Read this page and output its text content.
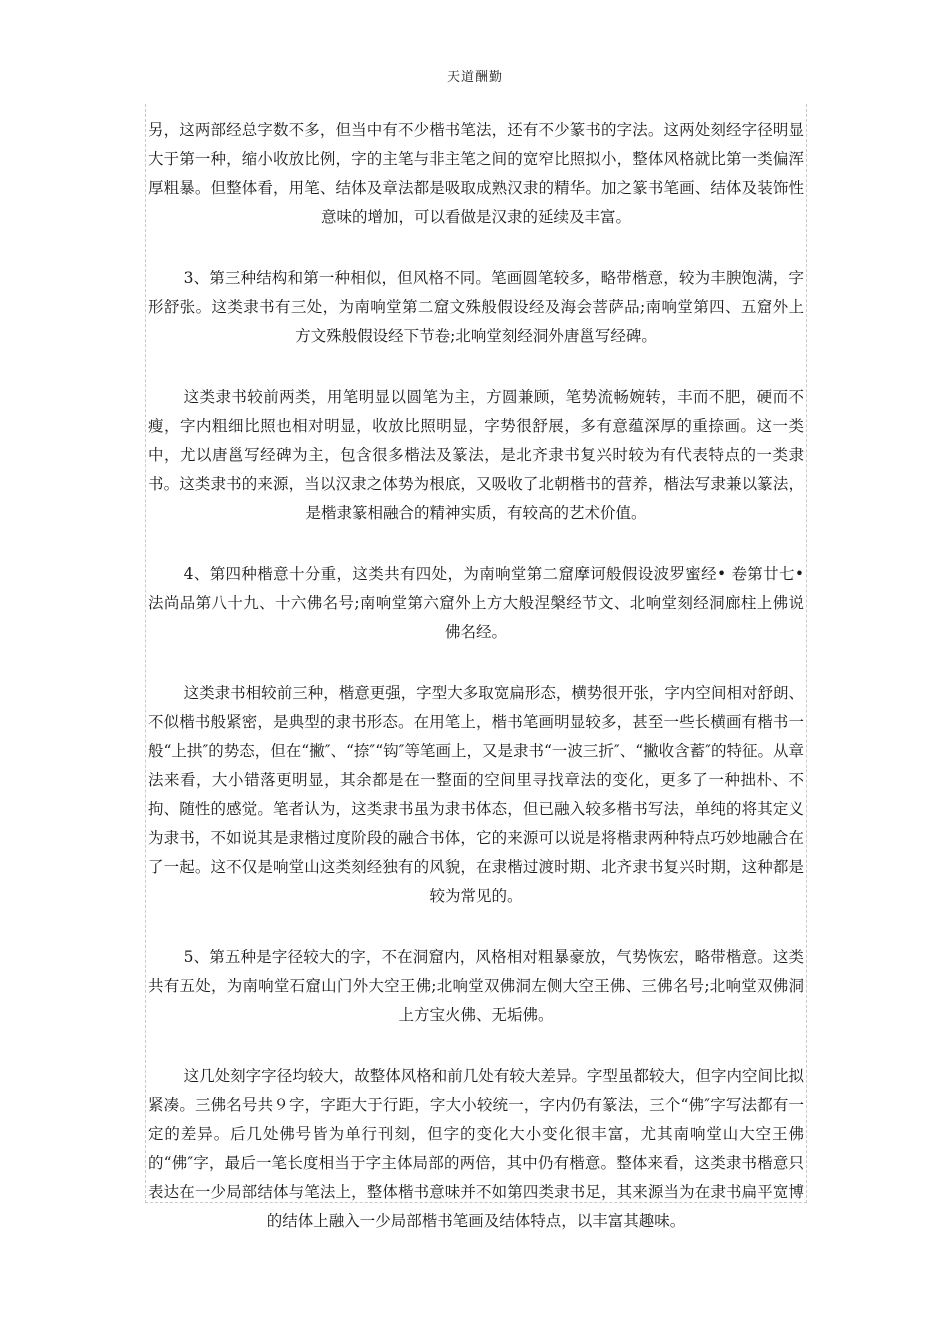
天道酬勤

另，这两部经总字数不多，但当中有不少楷书笔法，还有不少篆书的字法。这两处刻经字径明显大于第一种，缩小收放比例，字的主笔与非主笔之间的宽窄比照拟小，整体风格就比第一类偏浑厚粗暴。但整体看，用笔、结体及章法都是吸取成熟汉隶的精华。加之篆书笔画、结体及装饰性意味的增加，可以看做是汉隶的延续及丰富。

3、第三种结构和第一种相似，但风格不同。笔画圆笔较多，略带楷意，较为丰腴饱满，字形舒张。这类隶书有三处，为南响堂第二窟文殊般假设经及海会菩萨品;南响堂第四、五窟外上方文殊般假设经下节卷;北响堂刻经洞外唐邕写经碑。

这类隶书较前两类，用笔明显以圆笔为主，方圆兼顾，笔势流畅婉转，丰而不肥，硬而不瘦，字内粗细比照也相对明显，收放比照明显，字势很舒展，多有意蕴深厚的重捺画。这一类中，尤以唐邕写经碑为主，包含很多楷法及篆法，是北齐隶书复兴时较为有代表特点的一类隶书。这类隶书的来源，当以汉隶之体势为根底，又吸收了北朝楷书的营养，楷法写隶兼以篆法，是楷隶篆相融合的精神实质，有较高的艺术价值。

4、第四种楷意十分重，这类共有四处，为南响堂第二窟摩诃般假设波罗蜜经• 卷第廿七• 法尚品第八十九、十六佛名号;南响堂第六窟外上方大般涅槃经节文、北响堂刻经洞廊柱上佛说佛名经。

这类隶书相较前三种，楷意更强，字型大多取宽扁形态，横势很开张，字内空间相对舒朗、不似楷书般紧密，是典型的隶书形态。在用笔上，楷书笔画明显较多，甚至一些长横画有楷书一般“上拱″的势态，但在“撇″、“捺″“钩″等笔画上，又是隶书“一波三折″、“撇收含蓄″的特征。从章法来看，大小错落更明显，其余都是在一整面的空间里寻找章法的变化，更多了一种拙朴、不拘、随性的感觉。笔者认为，这类隶书虽为隶书体态，但已融入较多楷书写法，单纯的将其定义为隶书，不如说其是隶楷过度阶段的融合书体，它的来源可以说是将楷隶两种特点巧妙地融合在了一起。这不仅是响堂山这类刻经独有的风貌，在隶楷过渡时期、北齐隶书复兴时期，这种都是较为常见的。

5、第五种是字径较大的字，不在洞窟内，风格相对粗暴豪放，气势恢宏，略带楷意。这类共有五处，为南响堂石窟山门外大空王佛;北响堂双佛洞左侧大空王佛、三佛名号;北响堂双佛洞上方宝火佛、无垢佛。

这几处刻字字径均较大，故整体风格和前几处有较大差异。字型虽都较大，但字内空间比拟紧凑。三佛名号共９字，字距大于行距，字大小较统一，字内仍有篆法，三个“佛″字写法都有一定的差异。后几处佛号皆为单行刊刻，但字的变化大小变化很丰富，尤其南响堂山大空王佛的“佛″字，最后一笔长度相当于字主体局部的两倍，其中仍有楷意。整体来看，这类隶书楷意只表达在一少局部结体与笔法上，整体楷书意味并不如第四类隶书足，其来源当为在隶书扁平宽博的结体上融入一少局部楷书笔画及结体特点，以丰富其趣味。
